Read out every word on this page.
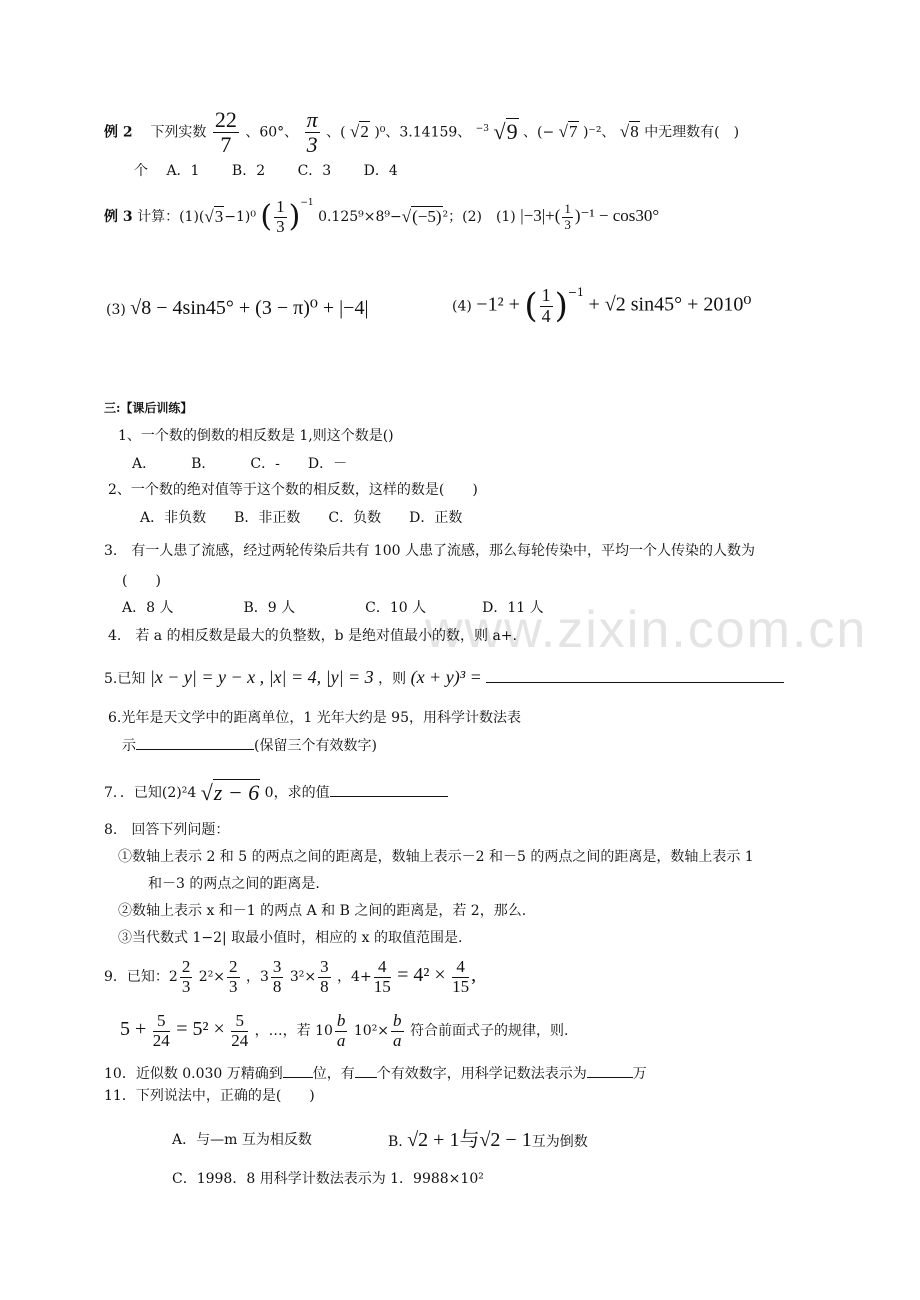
www.zixin.com.cn
例 2 下列实数 $\frac{22}{7}$ 、60°、 $\frac{\pi}{3}$ 、( √2 )⁰、3.14159、 $^{-3}$ √9 、(− √7 )⁻²、 √8 中无理数有(　)
个　 A．1　　 B．2　　 C．3　　 D．4
例 3 计算：(1)(√3−1)⁰ ( $\frac{1}{3} )^{-1}$ 0.125⁹×8⁹−√(−5)²；(2)　(1) $|-3|+( \frac{1}{3} )^{-1} - \cos 30^\circ$
(3) √8 − 4sin45° + (3 − π)⁰ + |−4|	(4) −1² + ( $\frac{1}{4} )^{-1} + √2$ sin45° + 2010⁰
三:【课后训练】
1、一个数的倒数的相反数是 1,则这个数是()
A．　　　B．　　　C．-　　D．－
2、一个数的绝对值等于这个数的相反数，这样的数是(　　)
A．非负数　　B．非正数　　C．负数　　D．正数
3.　有一人患了流感，经过两轮传染后共有 100 人患了流感，那么每轮传染中，平均一个人传染的人数为
(　　)
A．8 人　　　　　B．9 人　　　　　C．10 人　　　　D．11 人
4.　若 a 的相反数是最大的负整数，b 是绝对值最小的数，则 a+.
5.已知 |x − y| = y − x , |x| = 4, |y| = 3 ，则 (x + y)³ =
6.光年是天文学中的距离单位，1 光年大约是 95，用科学计数法表
示	(保留三个有效数字)
7．．已知(2)²4 √z − 6 0，求的值
8.　回答下列问题：
①数轴上表示 2 和 5 的两点之间的距离是，数轴上表示－2 和－5 的两点之间的距离是，数轴上表示 1
和－3 的两点之间的距离是.
②数轴上表示 x 和－1 的两点 A 和 B 之间的距离是，若 2，那么.
③当代数式 1−2| 取最小值时，相应的 x 的取值范围是.
9．已知：$2 \frac{2}{3} 2^2\times \frac{2}{3}$ ，$3 \frac{3}{8} 3^2\times \frac{3}{8}$ ，$4+ \frac{4}{15} = 4^2 \times \frac{4}{15}$ ,
$5 + \frac{5}{24} = 5^2 \times \frac{5}{24}$ ，…，若 $10 \frac{b}{a} 10^2\times \frac{b}{a}$ 符合前面式子的规律，则.
10．近似数 0.030 万精确到 位，有 个有效数字，用科学记数法表示为	万
11．下列说法中，正确的是(　　)
A．与—m 互为相反数	B. √2 + 1与√2 − 1互为倒数
C．1998．8 用科学计数法表示为 1．9988×10²
